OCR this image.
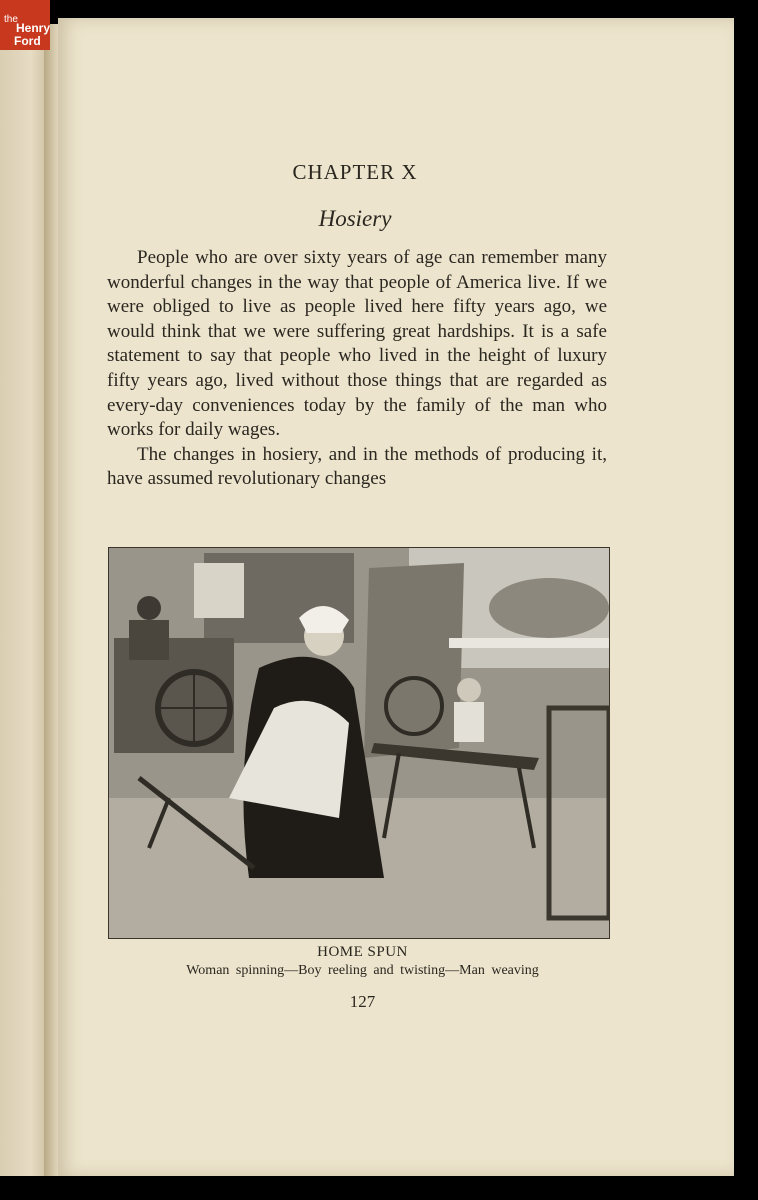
the
Henry
Ford
CHAPTER X
Hosiery

People who are over sixty years of age can remember many wonderful changes in the way that people of America live. If we were obliged to live as people lived here fifty years ago, we would think that we were suffering great hardships. It is a safe statement to say that people who lived in the height of luxury fifty years ago, lived without those things that are regarded as every-day conveniences today by the family of the man who works for daily wages.

The changes in hosiery, and in the methods of producing it, have assumed revolutionary changes

HOME SPUN
Woman spinning—Boy reeling and twisting—Man weaving
127
